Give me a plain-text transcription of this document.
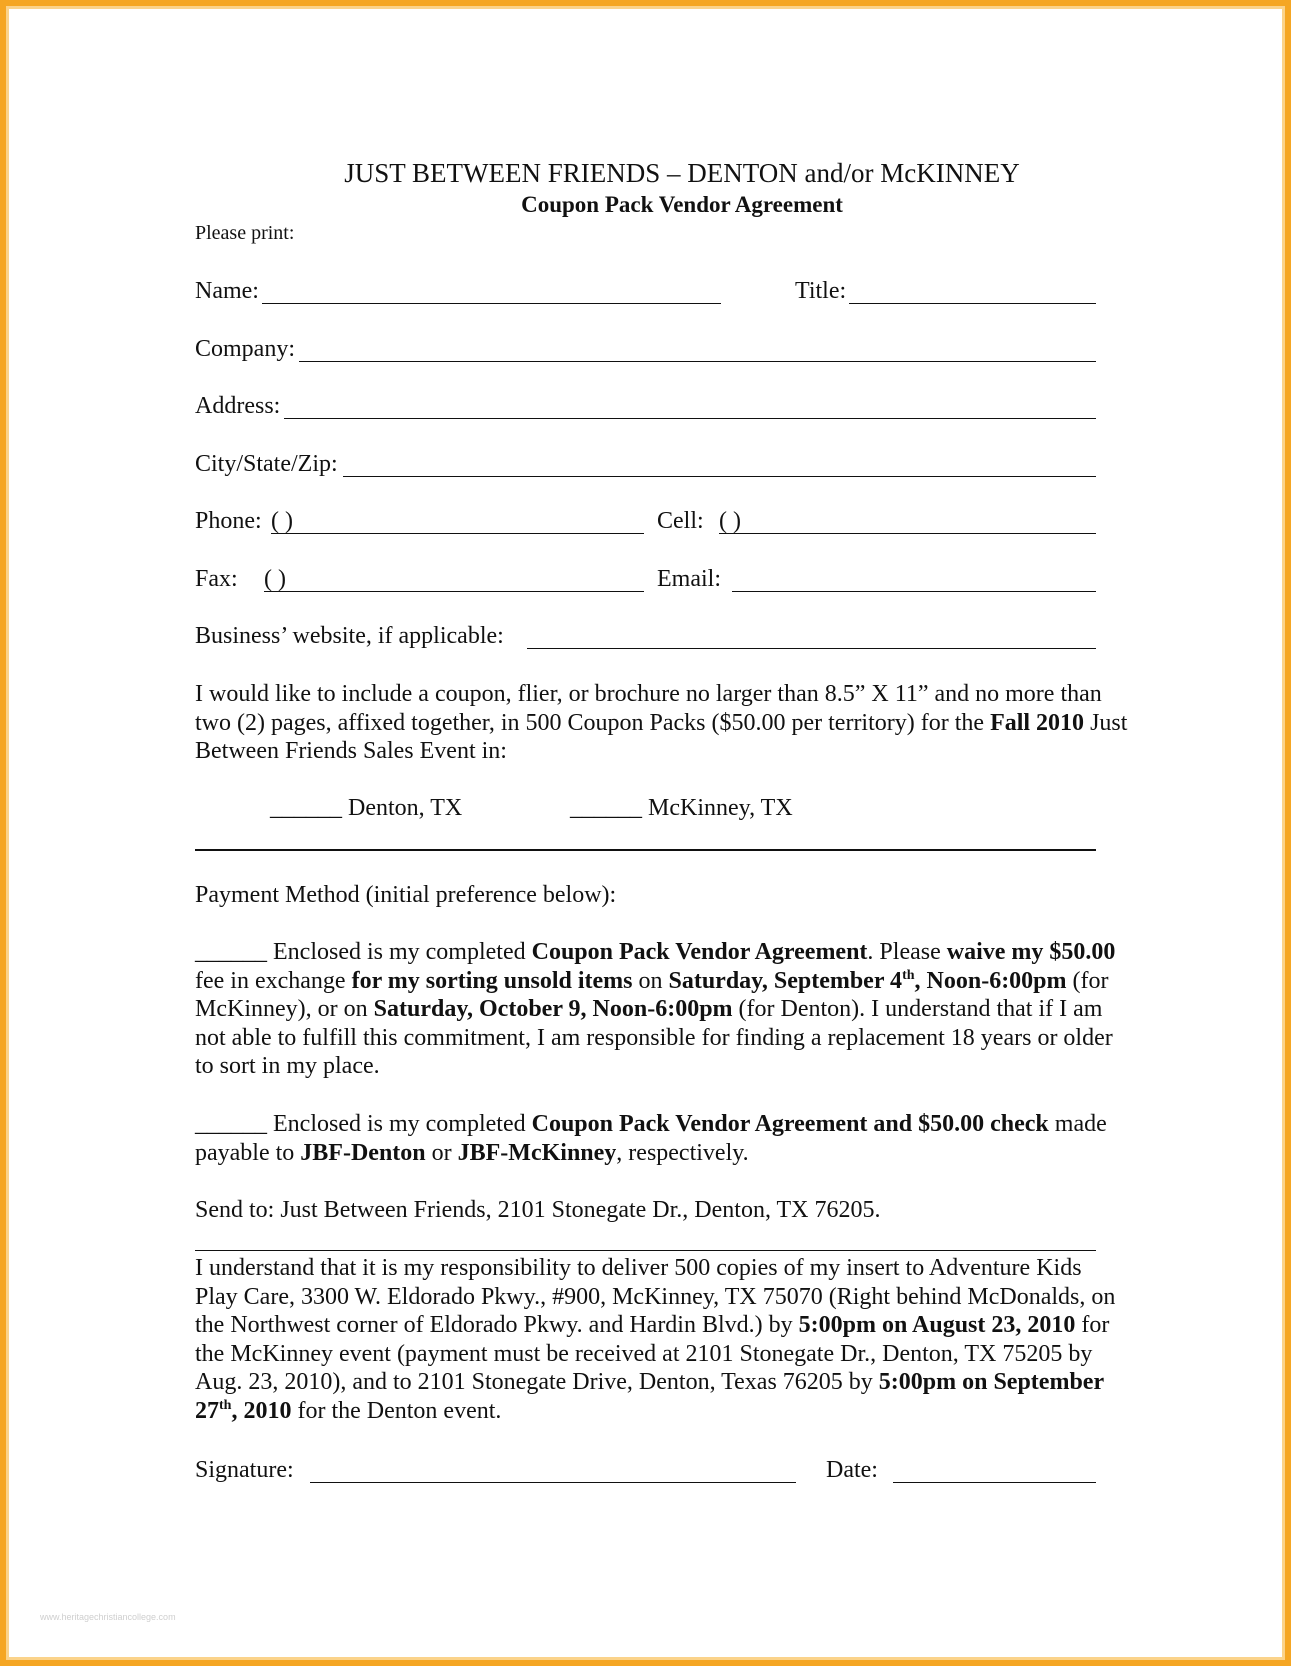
JUST BETWEEN FRIENDS – DENTON and/or McKINNEY
Coupon Pack Vendor Agreement
Please print:
Name:	Title:
Company:
Address:
City/State/Zip:
Phone: ( )	Cell: ( )
Fax: ( )	Email:
Business’ website, if applicable:
I would like to include a coupon, flier, or brochure no larger than 8.5” X 11” and no more than
two (2) pages, affixed together, in 500 Coupon Packs ($50.00 per territory) for the Fall 2010 Just
Between Friends Sales Event in:
______ Denton, TX	______ McKinney, TX
Payment Method (initial preference below):
______ Enclosed is my completed Coupon Pack Vendor Agreement. Please waive my $50.00
fee in exchange for my sorting unsold items on Saturday, September 4th, Noon-6:00pm (for
McKinney), or on Saturday, October 9, Noon-6:00pm (for Denton). I understand that if I am
not able to fulfill this commitment, I am responsible for finding a replacement 18 years or older
to sort in my place.
______ Enclosed is my completed Coupon Pack Vendor Agreement and $50.00 check made
payable to JBF-Denton or JBF-McKinney, respectively.
Send to: Just Between Friends, 2101 Stonegate Dr., Denton, TX 76205.
I understand that it is my responsibility to deliver 500 copies of my insert to Adventure Kids
Play Care, 3300 W. Eldorado Pkwy., #900, McKinney, TX 75070 (Right behind McDonalds, on
the Northwest corner of Eldorado Pkwy. and Hardin Blvd.) by 5:00pm on August 23, 2010 for
the McKinney event (payment must be received at 2101 Stonegate Dr., Denton, TX 75205 by
Aug. 23, 2010), and to 2101 Stonegate Drive, Denton, Texas 76205 by 5:00pm on September
27th, 2010 for the Denton event.
Signature:	Date:
www.heritagechristiancollege.com
